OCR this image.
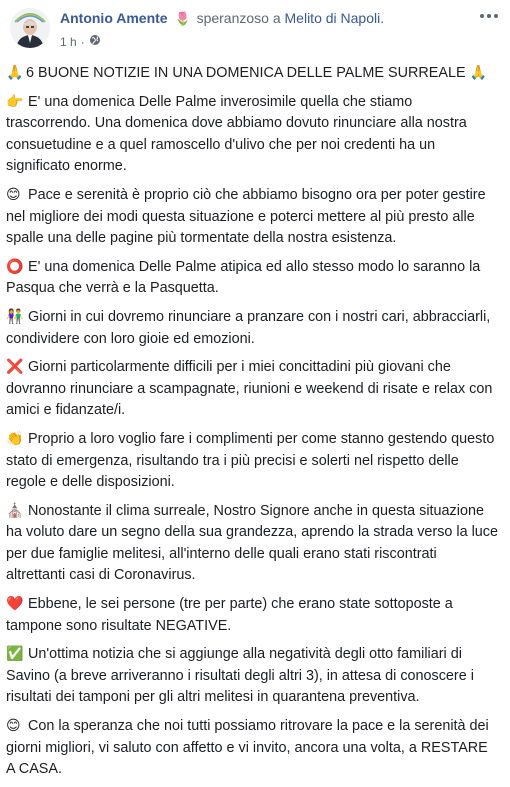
Antonio Amente 🌷 speranzoso a Melito di Napoli.
1 h ·

🙏 6 BUONE NOTIZIE IN UNA DOMENICA DELLE PALME SURREALE 🙏

👉 E' una domenica Delle Palme inverosimile quella che stiamo trascorrendo. Una domenica dove abbiamo dovuto rinunciare alla nostra consuetudine e a quel ramoscello d'ulivo che per noi credenti ha un significato enorme.

😊 Pace e serenità è proprio ciò che abbiamo bisogno ora per poter gestire nel migliore dei modi questa situazione e poterci mettere al più presto alle spalle una delle pagine più tormentate della nostra esistenza.

⭕ E' una domenica Delle Palme atipica ed allo stesso modo lo saranno la Pasqua che verrà e la Pasquetta.

👫 Giorni in cui dovremo rinunciare a pranzare con i nostri cari, abbracciarli, condividere con loro gioie ed emozioni.

❌ Giorni particolarmente difficili per i miei concittadini più giovani che dovranno rinunciare a scampagnate, riunioni e weekend di risate e relax con amici e fidanzate/i.

👏 Proprio a loro voglio fare i complimenti per come stanno gestendo questo stato di emergenza, risultando tra i più precisi e solerti nel rispetto delle regole e delle disposizioni.

⛪ Nonostante il clima surreale, Nostro Signore anche in questa situazione ha voluto dare un segno della sua grandezza, aprendo la strada verso la luce per due famiglie melitesi, all'interno delle quali erano stati riscontrati altrettanti casi di Coronavirus.

❤️ Ebbene, le sei persone (tre per parte) che erano state sottoposte a tampone sono risultate NEGATIVE.

✅ Un'ottima notizia che si aggiunge alla negatività degli otto familiari di Savino (a breve arriveranno i risultati degli altri 3), in attesa di conoscere i risultati dei tamponi per gli altri melitesi in quarantena preventiva.

😊 Con la speranza che noi tutti possiamo ritrovare la pace e la serenità dei giorni migliori, vi saluto con affetto e vi invito, ancora una volta, a RESTARE A CASA.
